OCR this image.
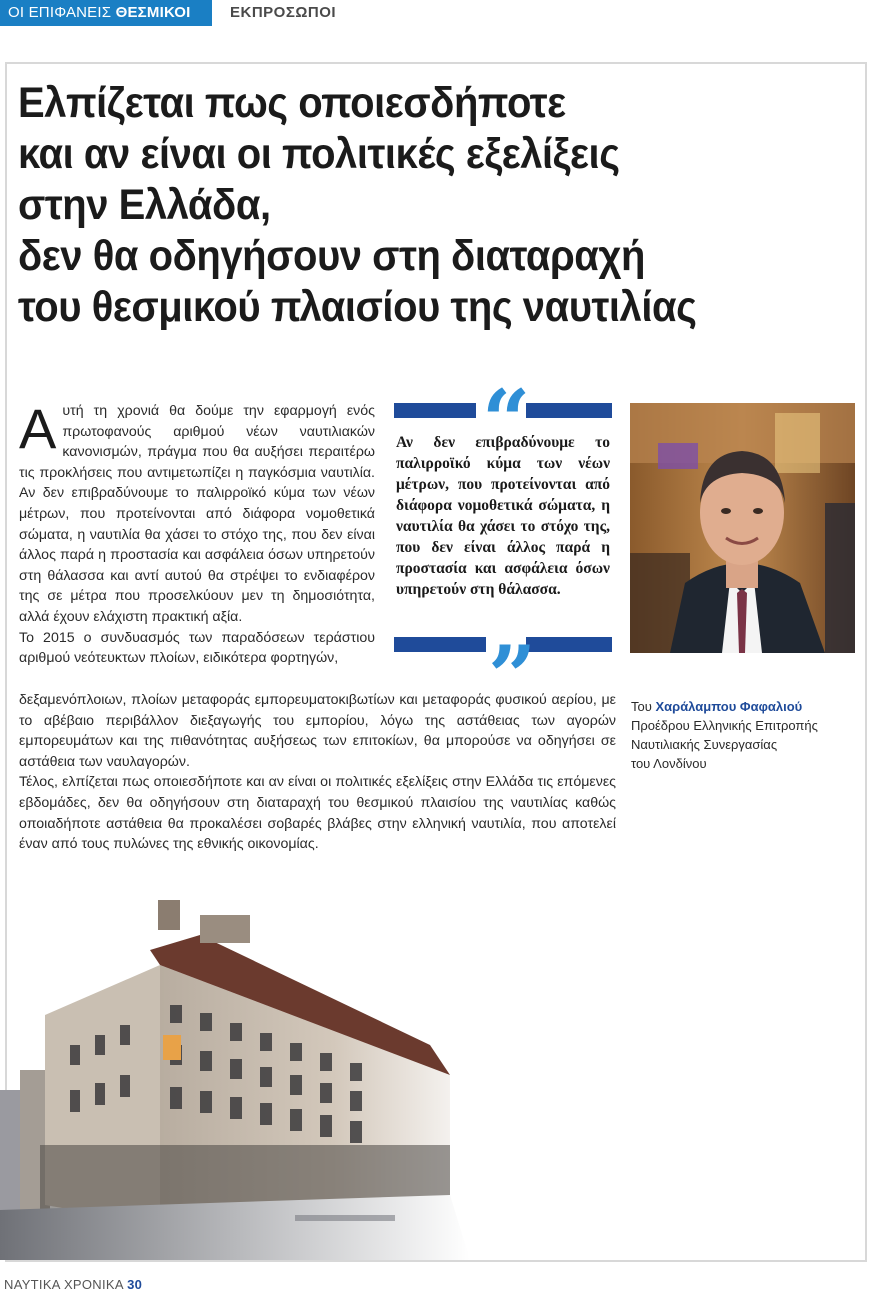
ΟΙ ΕΠΙΦΑΝΕΙΣ ΘΕΣΜΙΚΟΙ	ΕΚΠΡΟΣΩΠΟΙ
Ελπίζεται πως οποιεσδήποτε
και αν είναι οι πολιτικές εξελίξεις
στην Ελλάδα,
δεν θα οδηγήσουν στη διαταραχή
του θεσμικού πλαισίου της ναυτιλίας
Α υτή τη χρονιά θα δούμε την εφαρμογή ενός πρωτοφανούς αριθμού νέων ναυτιλιακών κανονισμών, πράγμα που θα αυξήσει περαιτέρω τις προκλήσεις που αντιμετωπίζει η παγκόσμια ναυτιλία. Αν δεν επιβραδύνουμε το παλιρροϊκό κύμα των νέων μέτρων, που προτείνονται από διάφορα νομοθετικά σώματα, η ναυτιλία θα χάσει το στόχο της, που δεν είναι άλλος παρά η προστασία και ασφάλεια όσων υπηρετούν στη θάλασσα και αντί αυτού θα στρέψει το ενδιαφέρον της σε μέτρα που προσελκύουν μεν τη δημοσιότητα, αλλά έχουν ελάχιστη πρακτική αξία.

Το 2015 ο συνδυασμός των παραδόσεων τεράστιου αριθμού νεότευκτων πλοίων, ειδικότερα φορτηγών,

“
Αν δεν επιβραδύνουμε το παλιρροϊκό κύμα των νέων μέτρων, που προτείνονται από διάφορα νομοθετικά σώματα, η ναυτιλία θα χάσει το στόχο της, που δεν είναι άλλος παρά η προστασία και ασφάλεια όσων υπηρετούν στη θάλασσα.
”	Του Χαράλαμπου Φαφαλιού
Προέδρου Ελληνικής Επιτροπής
Ναυτιλιακής Συνεργασίας
του Λονδίνου

δεξαμενόπλοιων, πλοίων μεταφοράς εμπορευματοκιβωτίων και μεταφοράς φυσικού αερίου, με το αβέβαιο περιβάλλον διεξαγωγής του εμπορίου, λόγω της αστάθειας των αγορών εμπορευμάτων και της πιθανότητας αυξήσεως των επιτοκίων, θα μπορούσε να οδηγήσει σε αστάθεια των ναυλαγορών.

Τέλος, ελπίζεται πως οποιεσδήποτε και αν είναι οι πολιτικές εξελίξεις στην Ελλάδα τις επόμενες εβδομάδες, δεν θα οδηγήσουν στη διαταραχή του θεσμικού πλαισίου της ναυτιλίας καθώς οποιαδήποτε αστάθεια θα προκαλέσει σοβαρές βλάβες στην ελληνική ναυτιλία, που αποτελεί έναν από τους πυλώνες της εθνικής οικονομίας.

ΝΑΥΤΙΚΑ ΧΡΟΝΙΚΑ 30
